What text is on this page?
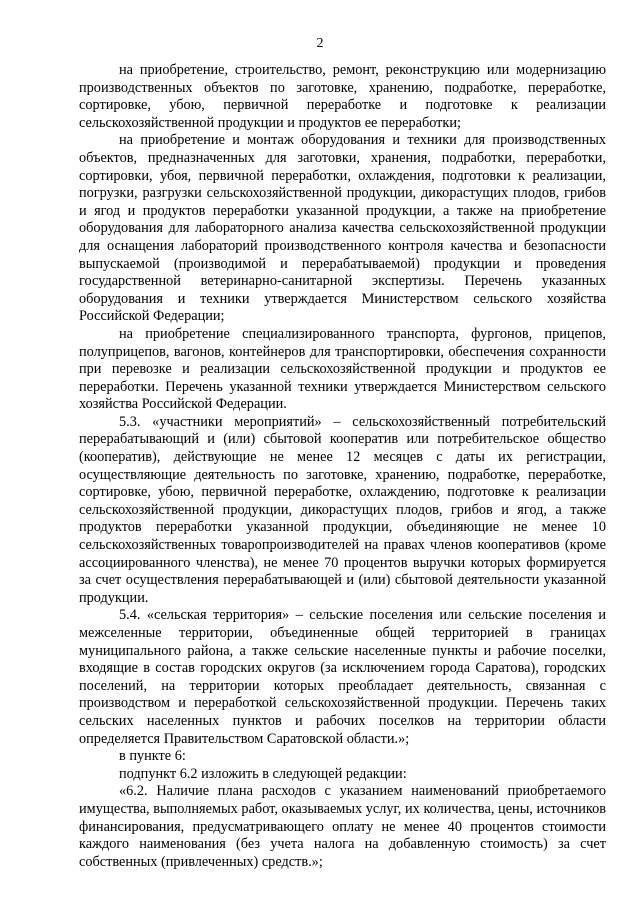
2

на приобретение, строительство, ремонт, реконструкцию или модернизацию производственных объектов по заготовке, хранению, подработке, переработке, сортировке, убою, первичной переработке и подготовке к реализации сельскохозяйственной продукции и продуктов ее переработки;

на приобретение и монтаж оборудования и техники для производственных объектов, предназначенных для заготовки, хранения, подработки, переработки, сортировки, убоя, первичной переработки, охлаждения, подготовки к реализации, погрузки, разгрузки сельскохозяйственной продукции, дикорастущих плодов, грибов и ягод и продуктов переработки указанной продукции, а также на приобретение оборудования для лабораторного анализа качества сельскохозяйственной продукции для оснащения лабораторий производственного контроля качества и безопасности выпускаемой (производимой и перерабатываемой) продукции и проведения государственной ветеринарно-санитарной экспертизы. Перечень указанных оборудования и техники утверждается Министерством сельского хозяйства Российской Федерации;

на приобретение специализированного транспорта, фургонов, прицепов, полуприцепов, вагонов, контейнеров для транспортировки, обеспечения сохранности при перевозке и реализации сельскохозяйственной продукции и продуктов ее переработки. Перечень указанной техники утверждается Министерством сельского хозяйства Российской Федерации.

5.3. «участники мероприятий» – сельскохозяйственный потребительский перерабатывающий и (или) сбытовой кооператив или потребительское общество (кооператив), действующие не менее 12 месяцев с даты их регистрации, осуществляющие деятельность по заготовке, хранению, подработке, переработке, сортировке, убою, первичной переработке, охлаждению, подготовке к реализации сельскохозяйственной продукции, дикорастущих плодов, грибов и ягод, а также продуктов переработки указанной продукции, объединяющие не менее 10 сельскохозяйственных товаропроизводителей на правах членов кооперативов (кроме ассоциированного членства), не менее 70 процентов выручки которых формируется за счет осуществления перерабатывающей и (или) сбытовой деятельности указанной продукции.

5.4. «сельская территория» – сельские поселения или сельские поселения и межселенные территории, объединенные общей территорией в границах муниципального района, а также сельские населенные пункты и рабочие поселки, входящие в состав городских округов (за исключением города Саратова), городских поселений, на территории которых преобладает деятельность, связанная с производством и переработкой сельскохозяйственной продукции. Перечень таких сельских населенных пунктов и рабочих поселков на территории области определяется Правительством Саратовской области.»;

в пункте 6:

подпункт 6.2 изложить в следующей редакции:

«6.2. Наличие плана расходов с указанием наименований приобретаемого имущества, выполняемых работ, оказываемых услуг, их количества, цены, источников финансирования, предусматривающего оплату не менее 40 процентов стоимости каждого наименования (без учета налога на добавленную стоимость) за счет собственных (привлеченных) средств.»;
